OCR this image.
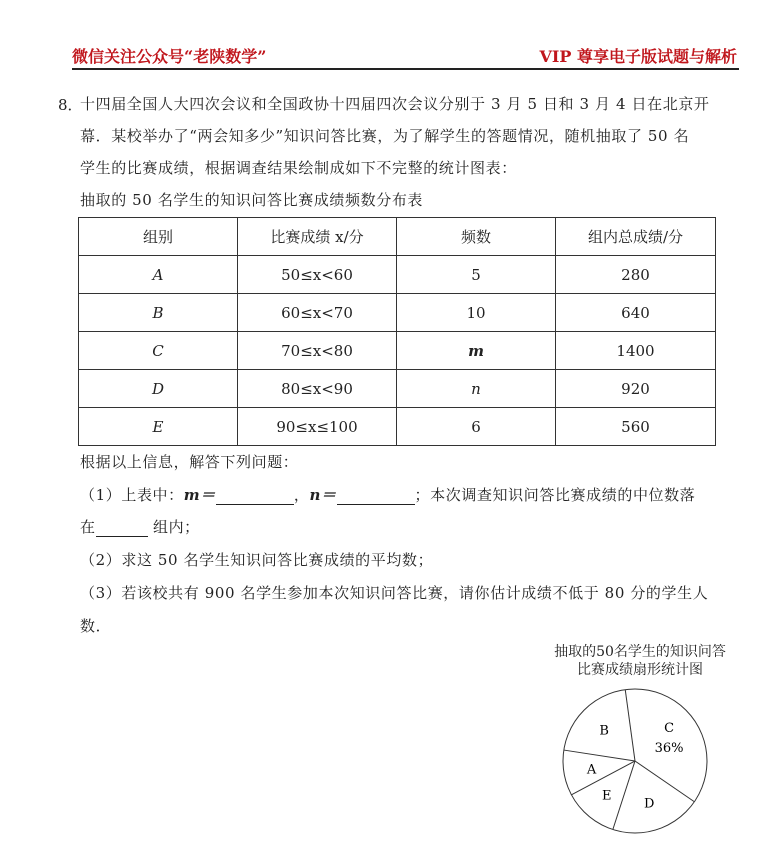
微信关注公众号“老陕数学”	VIP 尊享电子版试题与解析
8．
十四届全国人大四次会议和全国政协十四届四次会议分别于 3 月 5 日和 3 月 4 日在北京开
幕．某校举办了“两会知多少”知识问答比赛，为了解学生的答题情况，随机抽取了 50 名
学生的比赛成绩，根据调查结果绘制成如下不完整的统计图表：
抽取的 50 名学生的知识问答比赛成绩频数分布表
组别	比赛成绩 x/分	频数	组内总成绩/分
A	50≤x<60	5	280
B	60≤x<70	10	640
C	70≤x<80	m	1400
D	80≤x<90	n	920
E	90≤x≤100	6	560
根据以上信息，解答下列问题：
（1）上表中：m＝	，n＝	；本次调查知识问答比赛成绩的中位数落
在	组内；
（2）求这 50 名学生知识问答比赛成绩的平均数；
（3）若该校共有 900 名学生参加本次知识问答比赛，请你估计成绩不低于 80 分的学生人
数．
抽取的50名学生的知识问答
比赛成绩扇形统计图
A
B	C
36%
D
E
